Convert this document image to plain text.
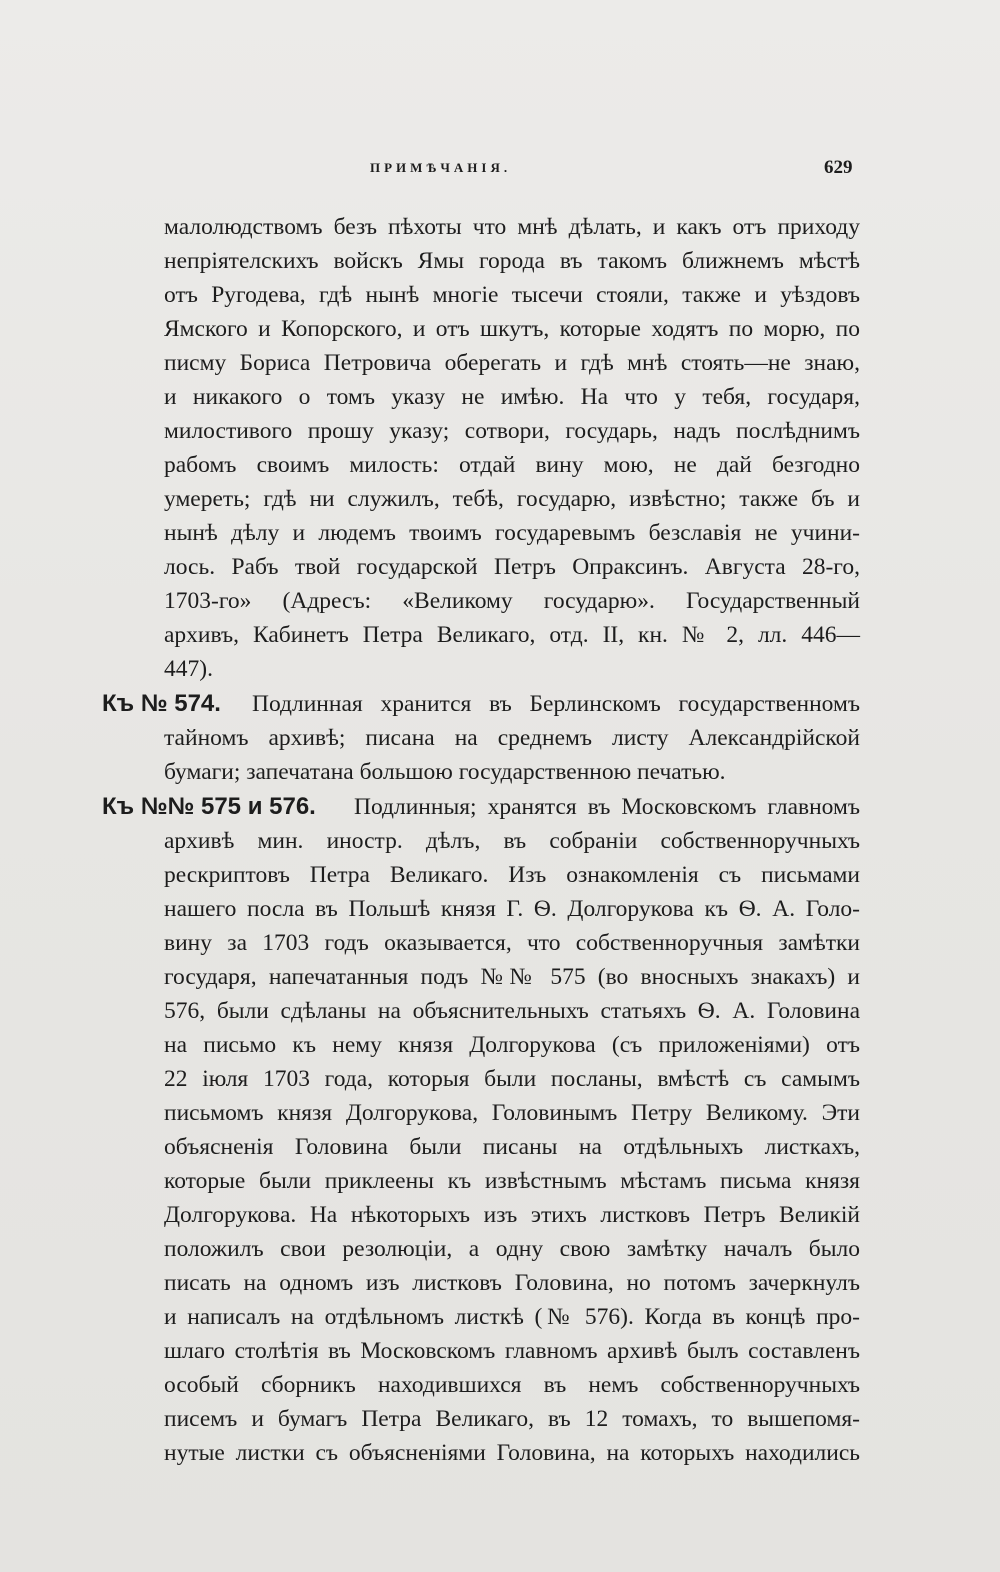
ПРИМѢЧАНІЯ.	629
малолюдствомъ безъ пѣхоты что мнѣ дѣлать, и какъ отъ приходу
непріятелскихъ войскъ Ямы города въ такомъ ближнемъ мѣстѣ
отъ Ругодева, гдѣ нынѣ многіе тысечи стояли, также и уѣздовъ
Ямского и Копорского, и отъ шкутъ, которые ходятъ по морю, по
писму Бориса Петровича оберегать и гдѣ мнѣ стоять—не знаю,
и никакого о томъ указу не имѣю. На что у тебя, государя,
милостивого прошу указу; сотвори, государь, надъ послѣднимъ
рабомъ своимъ милость: отдай вину мою, не дай безгодно
умереть; гдѣ ни служилъ, тебѣ, государю, извѣстно; также бъ и
нынѣ дѣлу и людемъ твоимъ государевымъ безславія не учини-
лось. Рабъ твой государской Петръ Опраксинъ. Августа 28-го,
1703-го» (Адресъ: «Великому государю». Государственный
архивъ, Кабинетъ Петра Великаго, отд. II, кн. № 2, лл. 446—
447).
Къ № 574. Подлинная хранится въ Берлинскомъ государственномъ
тайномъ архивѣ; писана на среднемъ листу Александрійской
бумаги; запечатана большою государственною печатью.
Къ №№ 575 и 576. Подлинныя; хранятся въ Московскомъ главномъ
архивѣ мин. иностр. дѣлъ, въ собраніи собственноручныхъ
рескриптовъ Петра Великаго. Изъ ознакомленія съ письмами
нашего посла въ Польшѣ князя Г. Ѳ. Долгорукова къ Ѳ. А. Голо-
вину за 1703 годъ оказывается, что собственноручныя замѣтки
государя, напечатанныя подъ №№ 575 (во вносныхъ знакахъ) и
576, были сдѣланы на объяснительныхъ статьяхъ Ѳ. А. Головина
на письмо къ нему князя Долгорукова (съ приложеніями) отъ
22 іюля 1703 года, которыя были посланы, вмѣстѣ съ самымъ
письмомъ князя Долгорукова, Головинымъ Петру Великому. Эти
объясненія Головина были писаны на отдѣльныхъ листкахъ,
которые были приклеены къ извѣстнымъ мѣстамъ письма князя
Долгорукова. На нѣкоторыхъ изъ этихъ листковъ Петръ Великій
положилъ свои резолюціи, а одну свою замѣтку началъ было
писать на одномъ изъ листковъ Головина, но потомъ зачеркнулъ
и написалъ на отдѣльномъ листкѣ (№ 576). Когда въ концѣ про-
шлаго столѣтія въ Московскомъ главномъ архивѣ былъ составленъ
особый сборникъ находившихся въ немъ собственноручныхъ
писемъ и бумагъ Петра Великаго, въ 12 томахъ, то вышепомя-
нутые листки съ объясненіями Головина, на которыхъ находились
